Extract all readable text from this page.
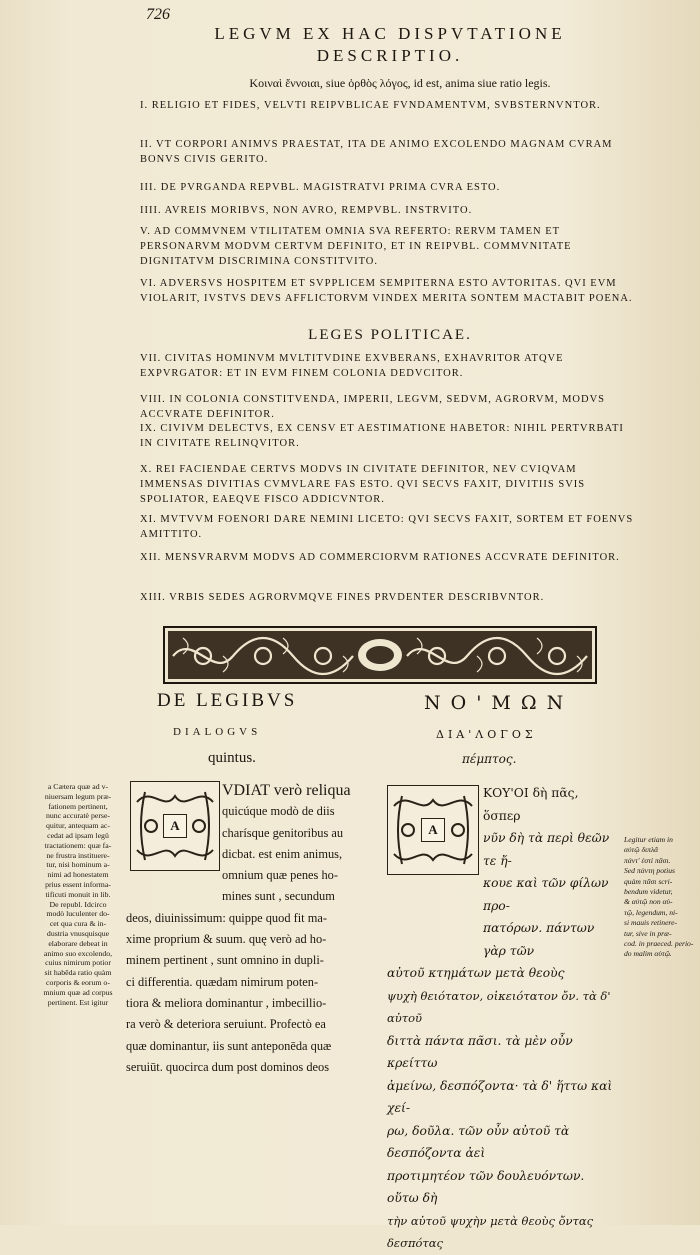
726
LEGVM EX HAC DISPVTATIONE
DESCRIPTIO.
Κοιναὶ ἔννοιαι, siue ὀρθὸς λόγος, id est, anima siue ratio legis.
I. RELIGIO ET FIDES, VELVTI REIPVBLICAE FVNDAMENTVM, SVBSTERNVNTOR.
II. VT CORPORI ANIMVS PRAESTAT, ITA DE ANIMO EXCOLENDO MAGNAM CVRAM BONVS CIVIS GERITO.
III. DE PVRGANDA REPVBL. MAGISTRATVI PRIMA CVRA ESTO.
IIII. AVREIS MORIBVS, NON AVRO, REMPVBL. INSTRVITO.
V. AD COMMVNEM VTILITATEM OMNIA SVA REFERTO: RERVM TAMEN ET PERSONARVM MODVM CERTVM DEFINITO, ET IN REIPVBL. COMMVNITATE DIGNITATVM DISCRIMINA CONSTITVITO.
VI. ADVERSVS HOSPITEM ET SVPPLICEM SEMPITERNA ESTO AVTORITAS. QVI EVM VIOLARIT, IVSTVS DEVS AFFLICTORVM VINDEX MERITA SONTEM MACTABIT POENA.
LEGES POLITICAE.
VII. CIVITAS HOMINVM MVLTITVDINE EXVBERANS, EXHAVRITOR ATQVE EXPVRGATOR: ET IN EVM FINEM COLONIA DEDVCITOR.
VIII. IN COLONIA CONSTITVENDA, IMPERII, LEGVM, SEDVM, AGRORVM, MODVS ACCVRATE DEFINITOR.
IX. CIVIVM DELECTVS, EX CENSV ET AESTIMATIONE HABETOR: NIHIL PERTVRBATI IN CIVITATE RELINQVITOR.
X. REI FACIENDAE CERTVS MODVS IN CIVITATE DEFINITOR, NEV CVIQVAM IMMENSAS DIVITIAS CVMVLARE FAS ESTO. QVI SECVS FAXIT, DIVITIIS SVIS SPOLIATOR, EAEQVE FISCO ADDICVNTOR.
XI. MVTVVM FOENORI DARE NEMINI LICETO: QVI SECVS FAXIT, SORTEM ET FOENVS AMITTITO.
XII. MENSVRARVM MODVS AD COMMERCIORVM RATIONES ACCVRATE DEFINITOR.
XIII. VRBIS SEDES AGRORVMQVE FINES PRVDENTER DESCRIBVNTOR.
DE LEGIBVS
DIALOGVS
quintus.
ΝΟ'ΜΩΝ
ΔΙΑ'ΛΟΓΟΣ
πέμπτος.
a Cætera quæ ad v-
niuersam legum præ-
fationem pertinent,
nunc accuratè perse-
quitur, antequam ac-
cedat ad ipsam legü
tractationem: quæ fa-
ne frustra instituere-
tur, nisi hominum a-
nimi ad honestatem
prius essent informa-
tificuti monuit in lib.
De republ. Idcirco
modò luculenter do-
cet qua cura & in-
dustria vnusquisque
elaborare debeat in
animo suo excolendo,
cuius nimirum potior
sit habēda ratio quàm
corporis & eorum o-
mnium quæ ad corpus
pertinent. Est igitur
A
VDIAT verò reliqua
quicúque modò de diis
charísque genitoribus au
dicbat. est enim animus,
omnium quæ penes ho-
mines sunt , secundum
deos, diuinissimum: quippe quod fit ma-
xime proprium & suum. quę verò ad ho-
minem pertinent , sunt omnino in dupli-
ci differentia. quædam nimirum poten-
tiora & meliora dominantur , imbecillio-
ra verò & deteriora seruiunt. Profectò ea
quæ dominantur, iis sunt anteponēda quæ
seruiūt. quocirca dum post dominos deos
A
ΚΟΥ'ΟΙ δὴ πᾶς, ὅσπερ
νῦν δὴ τὰ περὶ θεῶν τε ἤ-
κουε καὶ τῶν φίλων προ-
πατόρων. πάντων γὰρ τῶν
αὐτοῦ κτημάτων μετὰ θεοὺς
ψυχὴ θειότατον, οἰκειότατον ὄν. τὰ δ' αὐτοῦ
διττὰ πάντα πᾶσι. τὰ μὲν οὖν κρείττω
ἀμείνω, δεσπόζοντα· τὰ δ' ἥττω καὶ χεί-
ρω, δοῦλα. τῶν οὖν αὐτοῦ τὰ δεσπόζοντα ἀεὶ
προτιμητέον τῶν δουλευόντων. οὕτω δὴ
τὴν αὐτοῦ ψυχὴν μετὰ θεοὺς ὄντας δεσπότας
Legitur etiam in
αὐτῷ διπλᾶ
πάντ' ἐστὶ πᾶσι.
Sed πάντη potius
quàm πᾶσι scri-
bendum videtur,
& αὐτῷ non αὐ-
τῷ, legendum, ni-
si mauis retinere-
tur, sive in præ-
cod. in praeced. perio-
do malim αὐτῷ.
